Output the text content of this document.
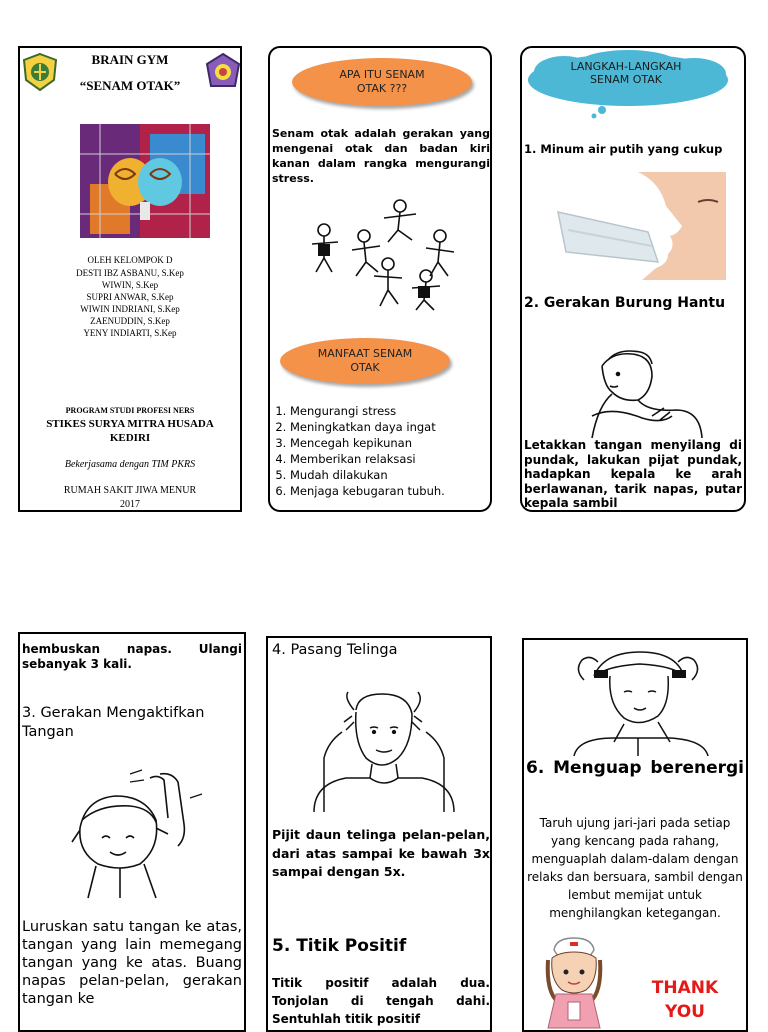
BRAIN GYM
“SENAM OTAK”
OLEH KELOMPOK D
DESTI IBZ ASBANU, S.Kep
WIWIN, S.Kep
SUPRI ANWAR, S.Kep
WIWIN INDRIANI, S.Kep
ZAENUDDIN, S.Kep
YENY INDIARTI, S.Kep
PROGRAM STUDI PROFESI NERS
STIKES SURYA MITRA HUSADA
KEDIRI
Bekerjasama dengan TIM PKRS
RUMAH SAKIT JIWA MENUR
2017
APA ITU SENAM OTAK ???
Senam otak adalah gerakan yang mengenai otak dan badan kiri kanan dalam rangka mengurangi stress.
MANFAAT SENAM OTAK
1. Mengurangi stress
2. Meningkatkan daya ingat
3. Mencegah kepikunan
4. Memberikan relaksasi
5. Mudah dilakukan
6. Menjaga kebugaran tubuh.
LANGKAH-LANGKAH SENAM OTAK
1. Minum air putih yang cukup
2. Gerakan Burung Hantu
Letakkan tangan menyilang di pundak, lakukan pijat pundak, hadapkan kepala ke arah berlawanan, tarik napas, putar kepala sambil
hembuskan napas. Ulangi sebanyak 3 kali.
3. Gerakan Mengaktifkan Tangan
Luruskan satu tangan ke atas, tangan yang lain memegang tangan yang ke atas. Buang napas pelan-pelan, gerakan tangan ke
4. Pasang Telinga
Pijit daun telinga pelan-pelan, dari atas sampai ke bawah 3x sampai dengan 5x.
5. Titik Positif
Titik positif adalah dua. Tonjolan di tengah dahi. Sentuhlah titik positif
6. Menguap berenergi
Taruh ujung jari-jari pada setiap yang kencang pada rahang, menguaplah dalam-dalam dengan relaks dan bersuara, sambil dengan lembut memijat untuk menghilangkan ketegangan.
THANK YOU
